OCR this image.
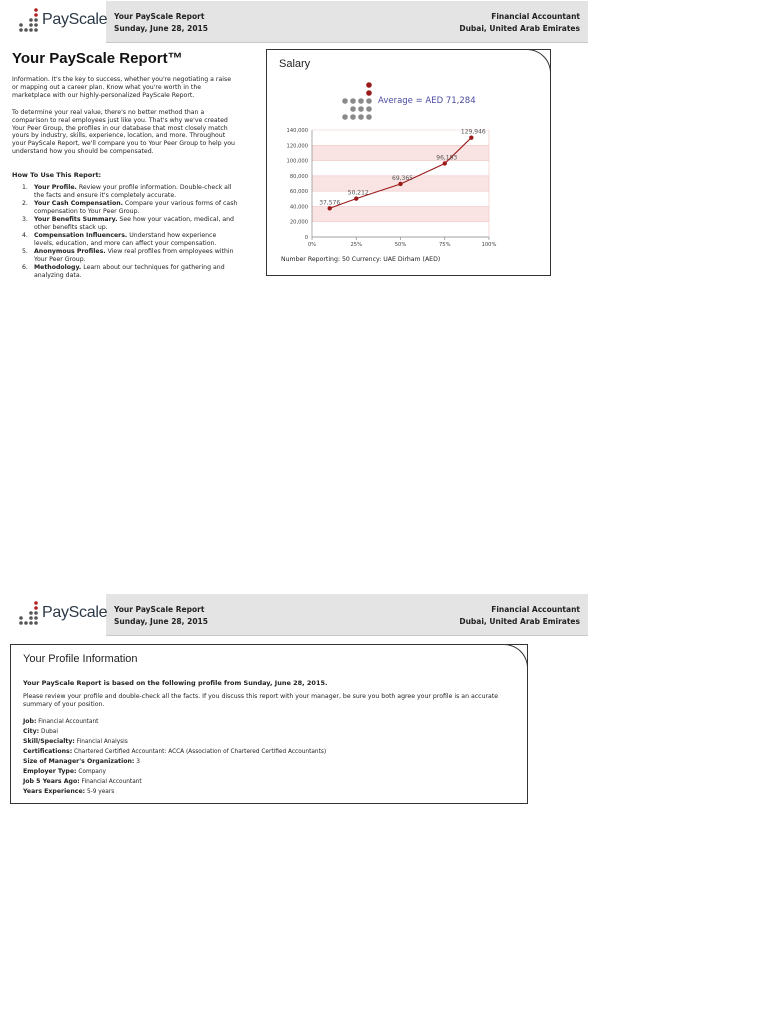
PayScale Your PayScale Report
Sunday, June 28, 2015
Financial Accountant
Dubai, United Arab Emirates
Your PayScale Report™

Information. It's the key to success, whether you're negotiating a raise or mapping out a career plan. Know what you're worth in the marketplace with our highly-personalized PayScale Report.

To determine your real value, there's no better method than a comparison to real employees just like you. That's why we've created Your Peer Group, the profiles in our database that most closely match yours by industry, skills, experience, location, and more. Throughout your PayScale Report, we'll compare you to Your Peer Group to help you understand how you should be compensated.

How To Use This Report:
1. Your Profile. Review your profile information. Double-check all the facts and ensure it's completely accurate.
2. Your Cash Compensation. Compare your various forms of cash compensation to Your Peer Group.
3. Your Benefits Summary. See how your vacation, medical, and other benefits stack up.
4. Compensation Influencers. Understand how experience levels, education, and more can affect your compensation.
5. Anonymous Profiles. View real profiles from employees within Your Peer Group.
6. Methodology. Learn about our techniques for gathering and analyzing data.
Salary
0
20,000
40,000
60,000
80,000
100,000
120,000
140,000
0%	25%	50%	75%	100%
37,576
50,212
69,365
96,193
129,946
Average = AED 71,284
Number Reporting: 50 Currency: UAE Dirham (AED)
PayScale Your PayScale Report
Sunday, June 28, 2015
Financial Accountant
Dubai, United Arab Emirates
Your Profile Information
Your PayScale Report is based on the following profile from Sunday, June 28, 2015.

Please review your profile and double-check all the facts. If you discuss this report with your manager, be sure you both agree your profile is an accurate summary of your position.

Job: Financial Accountant
City: Dubai
Skill/Specialty: Financial Analysis
Certifications: Chartered Certified Accountant: ACCA (Association of Chartered Certified Accountants)
Size of Manager's Organization: 3
Employer Type: Company
Job 5 Years Ago: Financial Accountant
Years Experience: 5-9 years
